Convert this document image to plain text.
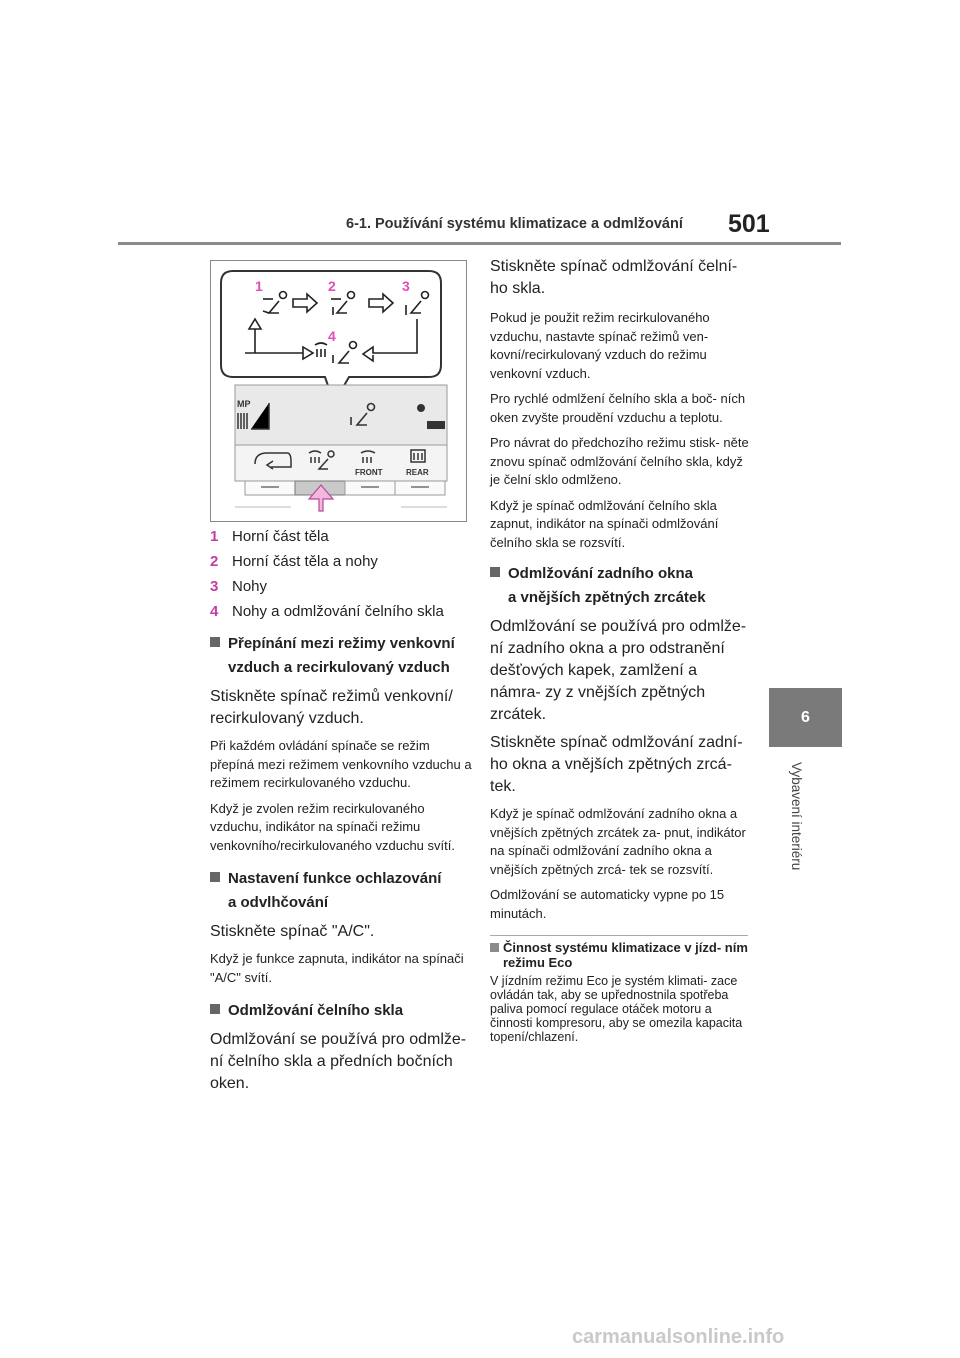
6-1. Používání systému klimatizace a odmlžování	501
6
Vybavení interiéru
1	2	3
4
MP
FRONT	REAR
1 Horní část těla
2 Horní část těla a nohy
3 Nohy
4 Nohy a odmlžování čelního skla
Přepínání mezi režimy venkovní
vzduch a recirkulovaný vzduch
Stiskněte spínač režimů venkovní/ recirkulovaný vzduch.
Při každém ovládání spínače se režim přepíná mezi režimem venkovního vzduchu a režimem recirkulovaného vzduchu.
Když je zvolen režim recirkulovaného vzduchu, indikátor na spínači režimu venkovního/recirkulovaného vzduchu svítí.
Nastavení funkce ochlazování
a odvlhčování
Stiskněte spínač "A/C".
Když je funkce zapnuta, indikátor na spínači "A/C" svítí.
Odmlžování čelního skla
Odmlžování se používá pro odmlže- ní čelního skla a předních bočních oken.
Stiskněte spínač odmlžování čelní- ho skla.
Pokud je použit režim recirkulovaného vzduchu, nastavte spínač režimů ven- kovní/recirkulovaný vzduch do režimu venkovní vzduch.
Pro rychlé odmlžení čelního skla a boč- ních oken zvyšte proudění vzduchu a teplotu.
Pro návrat do předchozího režimu stisk- něte znovu spínač odmlžování čelního skla, když je čelní sklo odmlženo.
Když je spínač odmlžování čelního skla zapnut, indikátor na spínači odmlžování čelního skla se rozsvítí.
Odmlžování zadního okna
a vnějších zpětných zrcátek
Odmlžování se používá pro odmlže- ní zadního okna a pro odstranění dešťových kapek, zamlžení a námra- zy z vnějších zpětných zrcátek.
Stiskněte spínač odmlžování zadní- ho okna a vnějších zpětných zrcá- tek.
Když je spínač odmlžování zadního okna a vnějších zpětných zrcátek za- pnut, indikátor na spínači odmlžování zadního okna a vnějších zpětných zrcá- tek se rozsvítí.
Odmlžování se automaticky vypne po 15 minutách.
Činnost systému klimatizace v jízd- ním režimu Eco
V jízdním režimu Eco je systém klimati- zace ovládán tak, aby se upřednostnila spotřeba paliva pomocí regulace otáček motoru a činnosti kompresoru, aby se omezila kapacita topení/chlazení.
carmanualsonline.info
